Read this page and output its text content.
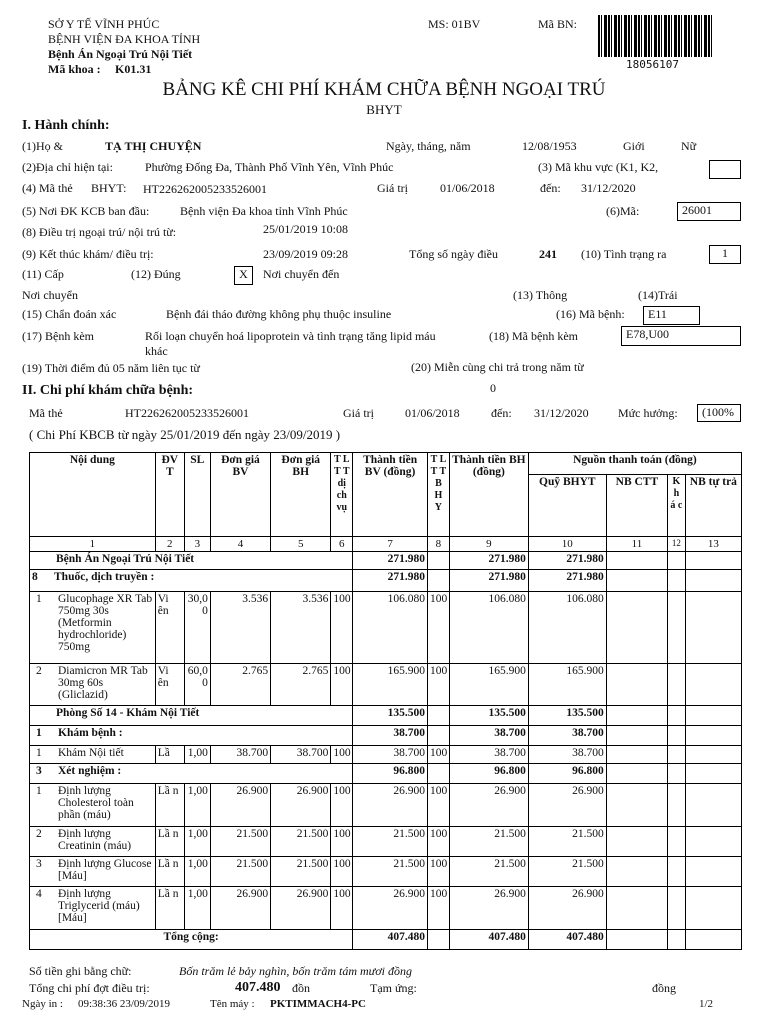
SỞ Y TẾ VĨNH PHÚC
BỆNH VIỆN ĐA KHOA TỈNH
Bệnh Án Ngoại Trú Nội Tiết
Mã khoa : K01.31
MS: 01BV	Mã BN:
18056107
BẢNG KÊ CHI PHÍ KHÁM CHỮA BỆNH NGOẠI TRÚ
BHYT
I. Hành chính:
(1)Họ &	TẠ THỊ CHUYỆN	Ngày, tháng, năm	12/08/1953	Giới	Nữ
(2)Địa chỉ hiện tại:	Phường Đống Đa, Thành Phố Vĩnh Yên, Vĩnh Phúc	(3) Mã khu vực (K1, K2,
(4) Mã thẻ BHYT: HT226262005233526001	Giá trị	01/06/2018	đến: 31/12/2020
(5) Nơi ĐK KCB ban đầu:	Bệnh viện Đa khoa tỉnh Vĩnh Phúc	(6)Mã:	26001
(8) Điều trị ngoại trú/ nội trú từ:	25/01/2019 10:08
(9) Kết thúc khám/ điều trị:	23/09/2019 09:28	Tổng số ngày điều	241 (10) Tình trạng ra	1
(11) Cấp	(12) Đúng	X	Nơi chuyển đến
Nơi chuyển	(13) Thông	(14)Trái
(15) Chẩn đoán xác	Bệnh đái tháo đường không phụ thuộc insuline	(16) Mã bệnh:	E11
(17) Bệnh kèm	Rối loạn chuyển hoá lipoprotein và tình trạng tăng lipid máu
khác
(18) Mã bệnh kèm	E78,U00
(19) Thời điểm đủ 05 năm liên tục từ	(20) Miễn cùng chi trả trong năm từ
II. Chi phí khám chữa bệnh:	0
Mã thẻ	HT226262005233526001	Giá trị	01/06/2018	đến: 31/12/2020 Mức hưởng:	(100%
( Chi Phí KBCB từ ngày 25/01/2019 đến ngày 23/09/2019 )
Nội dung	ĐV T	SL	Đơn giá BV	Đơn giá BH	T L T T dị ch vụ	Thành tiền BV (đồng)	T L T T B H Y	Thành tiền BH (đồng)	Nguồn thanh toán (đồng)			
									Quỹ BHYT	NB CTT	K h á c	NB tự trả
1	2	3	4	5	6	7	8	9	10	11	12	13
Bệnh Án Ngoại Trú Nội Tiết						271.980		271.980	271.980			
8 Thuốc, dịch truyền :						271.980		271.980	271.980			

1 Glucophage XR Tab 750mg 30s (Metformin hydrochloride) 750mg	Vi ên	30,0 0	3.536	3.536	100	106.080	100	106.080	106.080			

2 Diamicron MR Tab 30mg 60s (Gliclazid)	Vi ên	60,0 0	2.765	2.765	100	165.900	100	165.900	165.900			
Phòng Số 14 - Khám Nội Tiết						135.500		135.500	135.500			
1 Khám bệnh :						38.700		38.700	38.700			
1 Khám Nội tiết	Lầ	1,00	38.700	38.700	100	38.700	100	38.700	38.700			
3 Xét nghiệm :						96.800		96.800	96.800			

1 Định lượng Cholesterol toàn phần (máu)	Lầ n	1,00	26.900	26.900	100	26.900	100	26.900	26.900			

2 Định lượng Creatinin (máu)	Lầ n	1,00	21.500	21.500	100	21.500	100	21.500	21.500			

3 Định lượng Glucose [Máu]	Lầ n	1,00	21.500	21.500	100	21.500	100	21.500	21.500			

4 Định lượng Triglycerid (máu) [Máu]	Lầ n	1,00	26.900	26.900	100	26.900	100	26.900	26.900			
Tổng cộng:						407.480		407.480	407.480			
Số tiền ghi bằng chữ:	Bốn trăm lẻ bảy nghìn, bốn trăm tám mươi đồng
Tổng chi phí đợt điều trị:	407.480 đồn	Tạm ứng:	đồng
Ngày in : 09:38:36 23/09/2019	Tên máy : PKTIMMACH4-PC	1/2
